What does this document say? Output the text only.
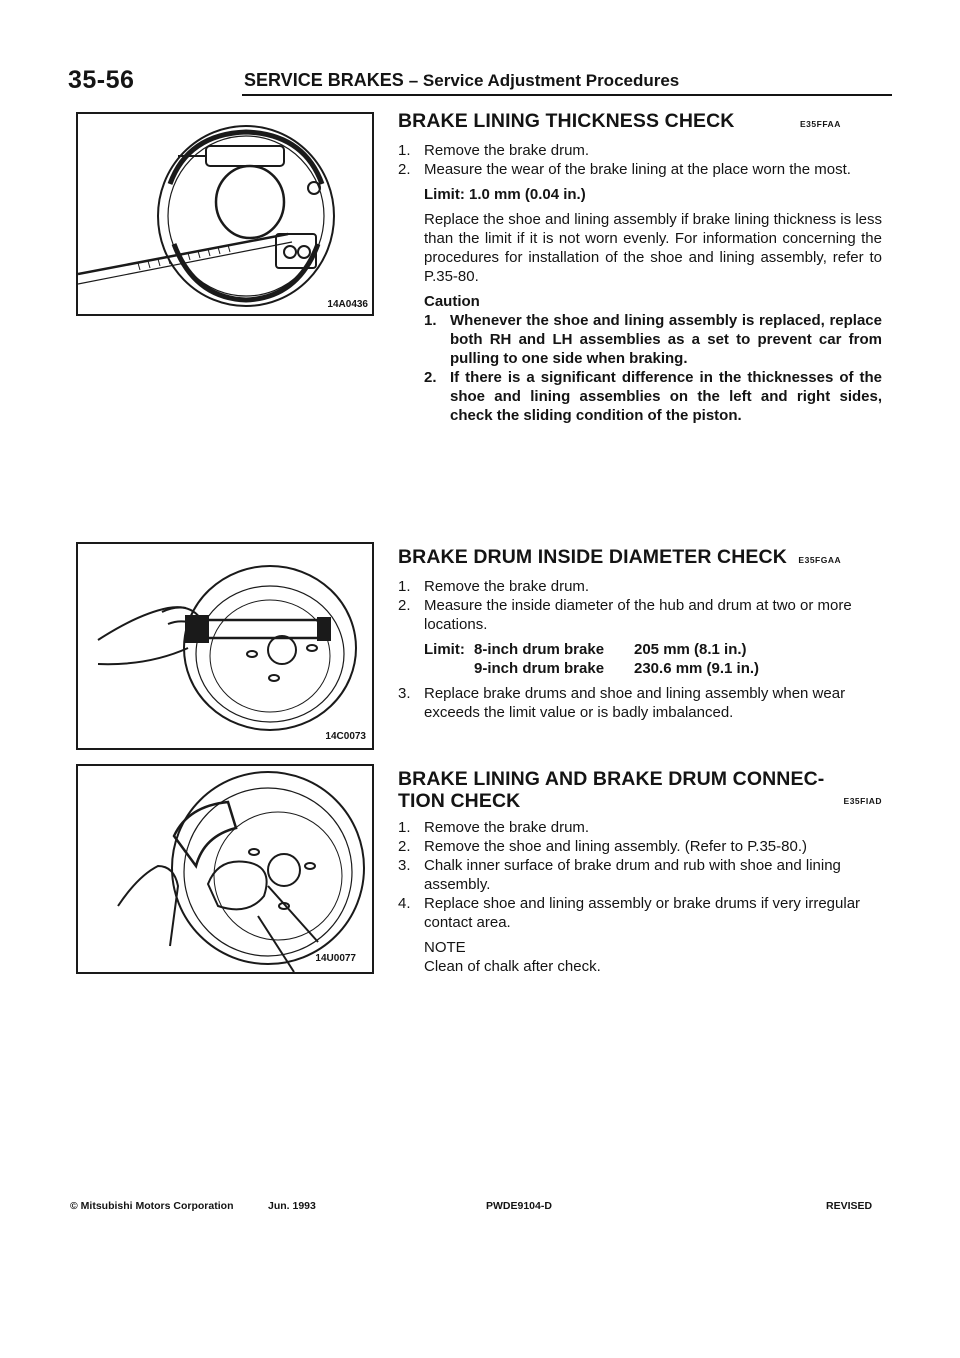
35-56	SERVICE BRAKES – Service Adjustment Procedures
14A0436
14C0073
14U0077
BRAKE LINING THICKNESS CHECK	E35FFAA

1. Remove the brake drum.

2. Measure the wear of the brake lining at the place worn the most.

Limit: 1.0 mm (0.04 in.)

Replace the shoe and lining assembly if brake lining thickness is less than the limit if it is not worn evenly. For information concerning the procedures for installation of the shoe and lining assembly, refer to P.35-80.

Caution

1. Whenever the shoe and lining assembly is replaced, replace both RH and LH assemblies as a set to prevent car from pulling to one side when braking.

2. If there is a significant difference in the thicknesses of the shoe and lining assemblies on the left and right sides, check the sliding condition of the piston.

BRAKE DRUM INSIDE DIAMETER CHECK E35FGAA

1. Remove the brake drum.

2. Measure the inside diameter of the hub and drum at two or more locations.

Limit: 8-inch drum brake	205 mm (8.1 in.)
9-inch drum brake	230.6 mm (9.1 in.)

3. Replace brake drums and shoe and lining assembly when wear exceeds the limit value or is badly imbalanced.

BRAKE LINING AND BRAKE DRUM CONNEC-
TION CHECK	E35FIAD

1. Remove the brake drum.

2. Remove the shoe and lining assembly. (Refer to P.35-80.)

3. Chalk inner surface of brake drum and rub with shoe and lining assembly.

4. Replace shoe and lining assembly or brake drums if very irregular contact area.

NOTE

Clean of chalk after check.

© Mitsubishi Motors Corporation	Jun. 1993	PWDE9104-D	REVISED
